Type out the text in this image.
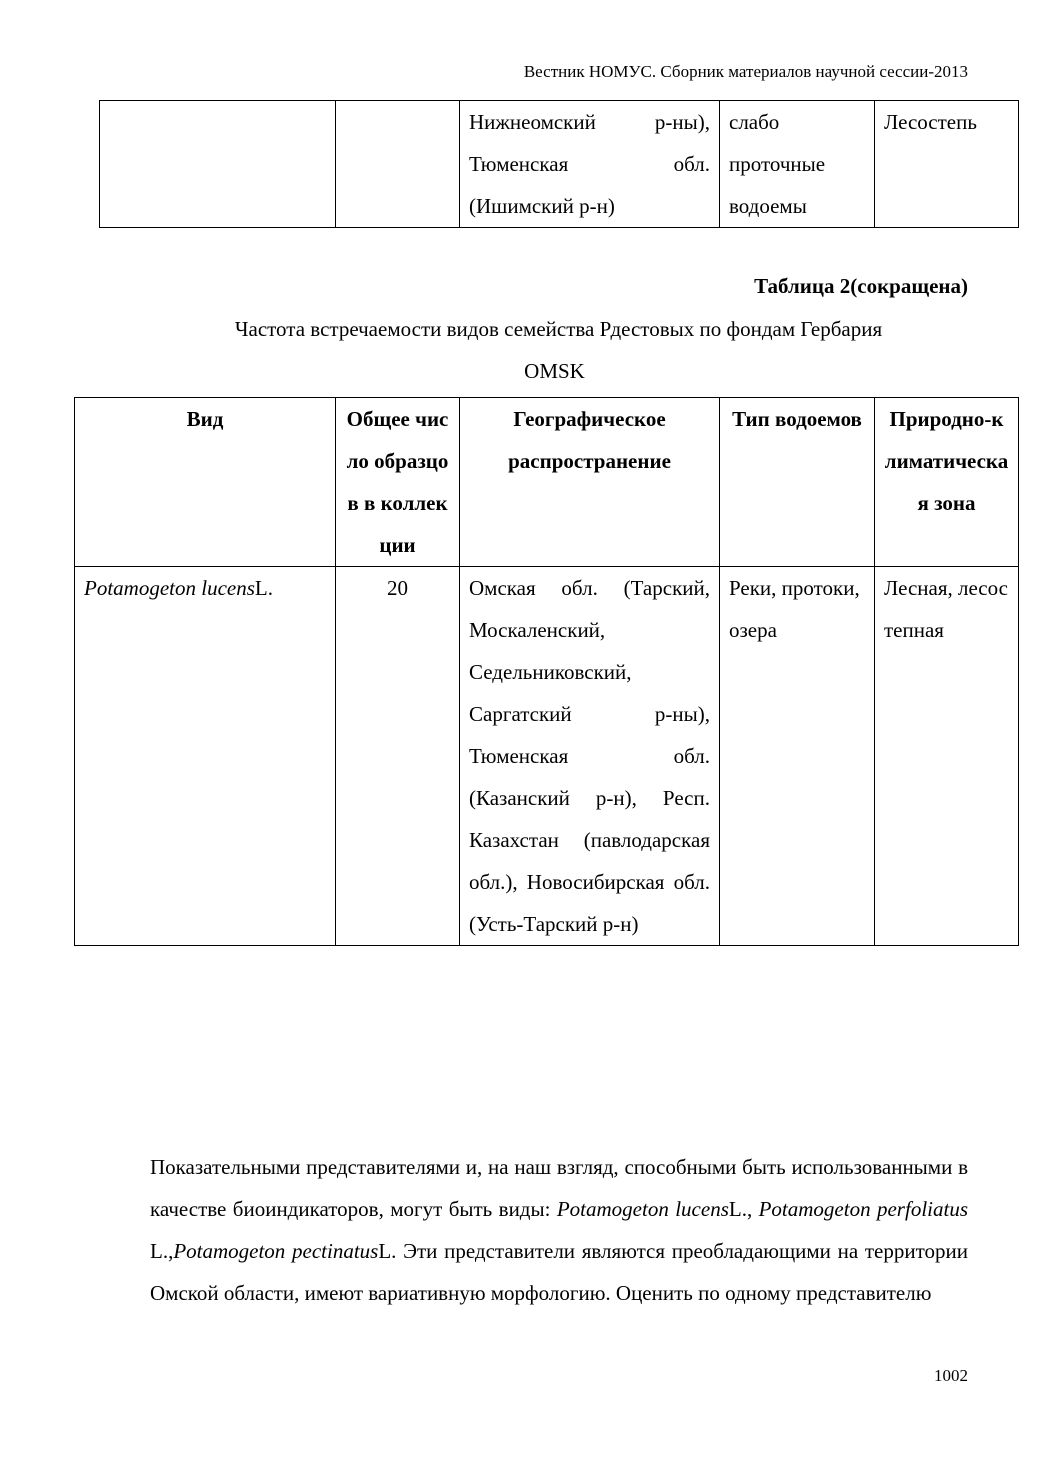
Вестник НОМУС. Сборник материалов научной сессии-2013
		Нижнеомский р-ны), Тюменская обл. (Ишимский р-н)	слабо проточные водоемы	Лесостепь
Таблица 2(сокращена)
Частота встречаемости видов семейства Рдестовых по фондам Гербария
OMSK
Вид	Общее число образцов в коллекции	Географическое распространение	Тип водоемов	Природно-климатическая зона
Potamogeton lucensL.	20	Омская обл. (Тарский, Москаленский, Седельниковский, Саргатский р-ны), Тюменская обл. (Казанский р-н), Респ. Казахстан (павлодарская обл.), Новосибирская обл. (Усть-Тарский р-н)	Реки, протоки, озера	Лесная, лесостепная
Показательными представителями и, на наш взгляд, способными быть использованными в качестве биоиндикаторов, могут быть виды: Potamogeton lucensL., Potamogeton perfoliatus L.,Potamogeton pectinatusL. Эти представители являются преобладающими на территории Омской области, имеют вариативную морфологию. Оценить по одному представителю
1002
